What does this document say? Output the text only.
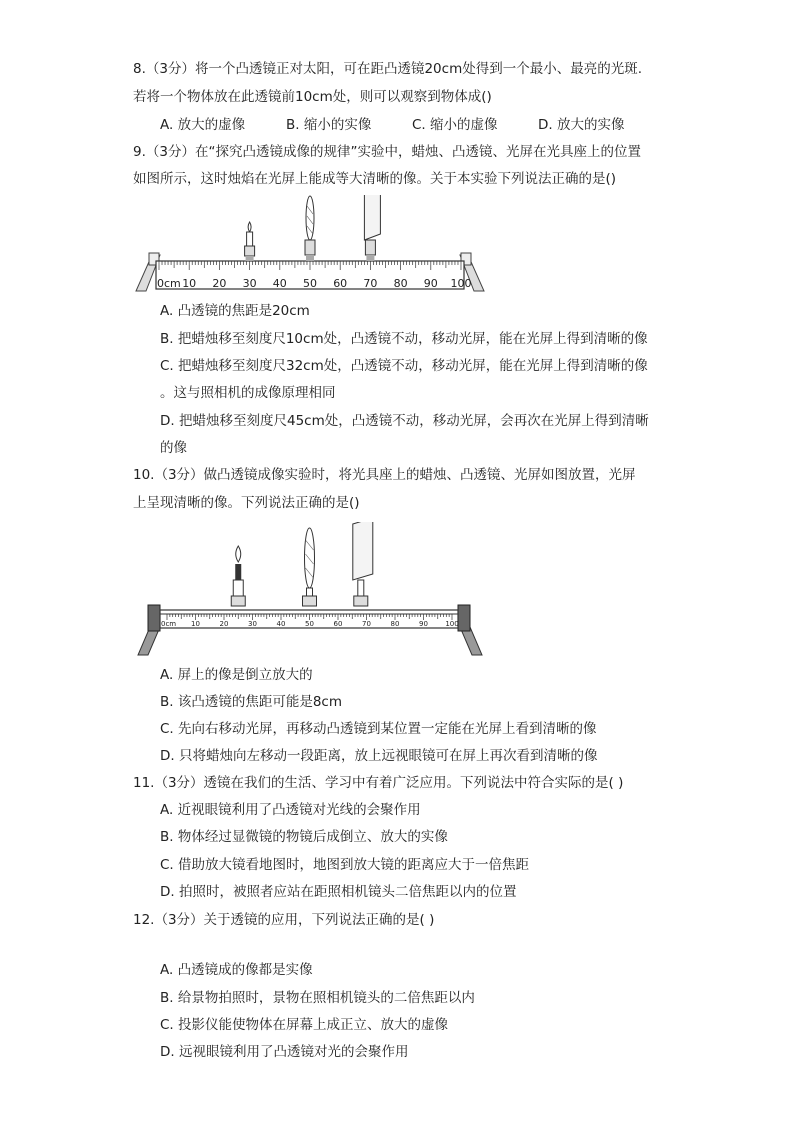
8.（3分）将一个凸透镜正对太阳，可在距凸透镜20cm处得到一个最小、最亮的光斑.
若将一个物体放在此透镜前10cm处，则可以观察到物体成()
A. 放大的虚像	B. 缩小的实像	C. 缩小的虚像	D. 放大的实像
9.（3分）在“探究凸透镜成像的规律”实验中，蜡烛、凸透镜、光屏在光具座上的位置
如图所示，这时烛焰在光屏上能成等大清晰的像。关于本实验下列说法正确的是()
0cm 10 20 30 40 50 60 70 80 90 100
A. 凸透镜的焦距是20cm
B. 把蜡烛移至刻度尺10cm处，凸透镜不动，移动光屏，能在光屏上得到清晰的像
C. 把蜡烛移至刻度尺32cm处，凸透镜不动，移动光屏，能在光屏上得到清晰的像
。这与照相机的成像原理相同
D. 把蜡烛移至刻度尺45cm处，凸透镜不动，移动光屏，会再次在光屏上得到清晰
的像
10.（3分）做凸透镜成像实验时，将光具座上的蜡烛、凸透镜、光屏如图放置，光屏
上呈现清晰的像。下列说法正确的是()
0cm 10	20	30	40	50	60	70	80	90 100
A. 屏上的像是倒立放大的
B. 该凸透镜的焦距可能是8cm
C. 先向右移动光屏，再移动凸透镜到某位置一定能在光屏上看到清晰的像
D. 只将蜡烛向左移动一段距离，放上远视眼镜可在屏上再次看到清晰的像
11.（3分）透镜在我们的生活、学习中有着广泛应用。下列说法中符合实际的是( )
A. 近视眼镜利用了凸透镜对光线的会聚作用
B. 物体经过显微镜的物镜后成倒立、放大的实像
C. 借助放大镜看地图时，地图到放大镜的距离应大于一倍焦距
D. 拍照时，被照者应站在距照相机镜头二倍焦距以内的位置
12.（3分）关于透镜的应用，下列说法正确的是( )
A. 凸透镜成的像都是实像
B. 给景物拍照时，景物在照相机镜头的二倍焦距以内
C. 投影仪能使物体在屏幕上成正立、放大的虚像
D. 远视眼镜利用了凸透镜对光的会聚作用
